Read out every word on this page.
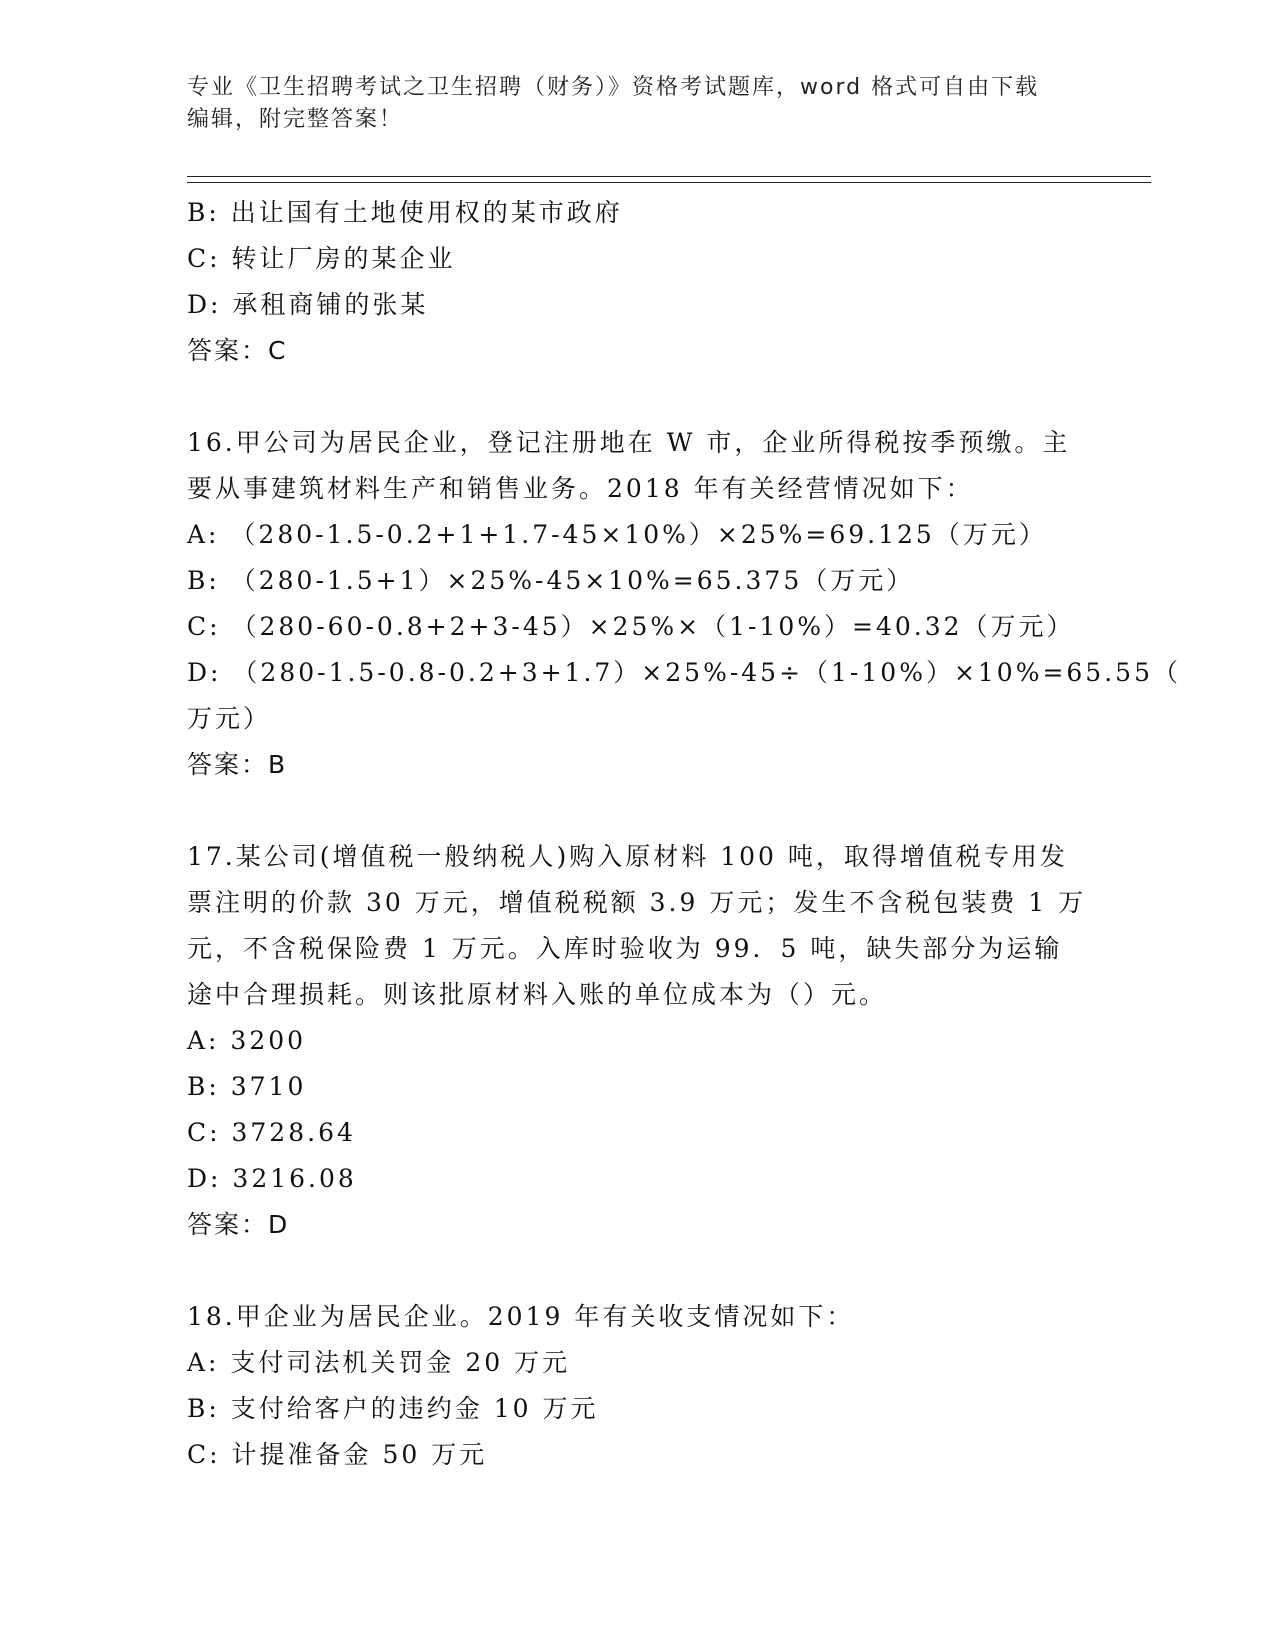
专业《卫生招聘考试之卫生招聘（财务）》资格考试题库，word 格式可自由下载
编辑，附完整答案！
B: 出让国有土地使用权的某市政府
C: 转让厂房的某企业
D: 承租商铺的张某
答案：C
16.甲公司为居民企业，登记注册地在 W 市，企业所得税按季预缴。主
要从事建筑材料生产和销售业务。2018 年有关经营情况如下：
A: （280-1.5-0.2+1+1.7-45×10%）×25%=69.125（万元）
B: （280-1.5+1）×25%-45×10%=65.375（万元）
C: （280-60-0.8+2+3-45）×25%×（1-10%）=40.32（万元）
D: （280-1.5-0.8-0.2+3+1.7）×25%-45÷（1-10%）×10%=65.55（
万元）
答案：B
17.某公司(增值税一般纳税人)购入原材料 100 吨，取得增值税专用发
票注明的价款 30 万元，增值税税额 3.9 万元；发生不含税包装费 1 万
元，不含税保险费 1 万元。入库时验收为 99．5 吨，缺失部分为运输
途中合理损耗。则该批原材料入账的单位成本为（）元。
A: 3200
B: 3710
C: 3728.64
D: 3216.08
答案：D
18.甲企业为居民企业。2019 年有关收支情况如下：
A: 支付司法机关罚金 20 万元
B: 支付给客户的违约金 10 万元
C: 计提准备金 50 万元
